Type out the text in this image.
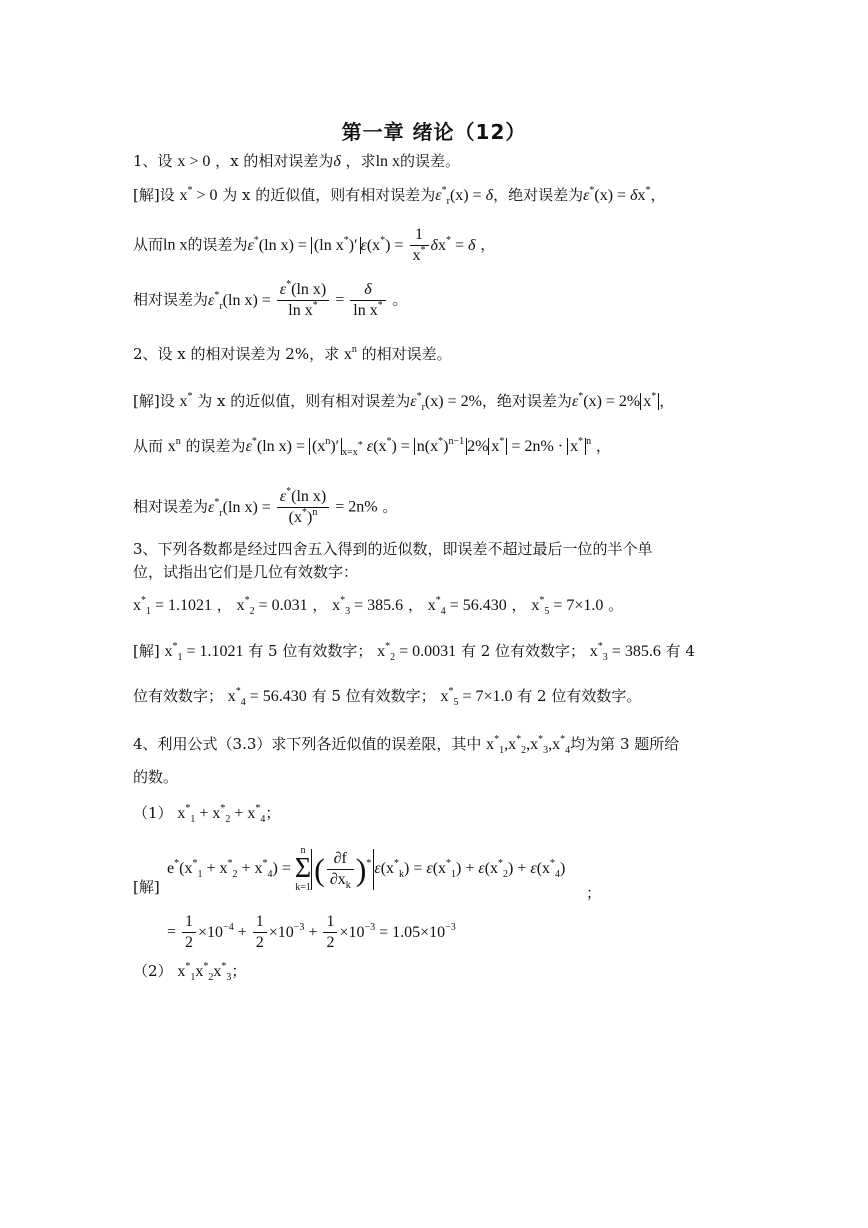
第一章 绪论（12）
1、设 x > 0 ，x 的相对误差为δ ，求ln x的误差。
[解]设 x* > 0 为 x 的近似值，则有相对误差为$\varepsilon^*_r(x) = \delta$，绝对误差为ε*(x) = δx*，
从而ln x的误差为ε*(ln x) = (ln x*)′ $\varepsilon(x^*) = \frac{1}{x^*} \delta x^* = \delta$ ，
相对误差为$\varepsilon^*_r(\ln$ $x) = \frac{\varepsilon^*(\ln x)}{\ln x^*} = \frac{\delta}{\ln x^*}$ 。
2、设 x 的相对误差为 2%，求 $x^n$ 的相对误差。
[解]设 x* 为 x 的近似值，则有相对误差为$\varepsilon^*_r(x) = 2\%$，绝对误差为ε*(x) = 2% x* ，
从而 $x^n$ 的误差为ε*(ln $x) = (x^n)'$ $_{x=x^*}$ $\varepsilon(x^*) = n(x^*)^{n-1}$ 2% x* = 2n% · x* $^n$ ，
相对误差为$\varepsilon^*_r(\ln$ $x) = \frac{\varepsilon^*(\ln x)}{(x^*)^n} = 2n\%$ 。
3、下列各数都是经过四舍五入得到的近似数，即误差不超过最后一位的半个单
位，试指出它们是几位有效数字：
$x^*_1 = 1.1021$ ， $x^*_2 = 0.031$ ， $x^*_3 = 385.6$ ， $x^*_4 = 56.430$ ， $x^*_5 = 7\times 1.0$ 。
[解] $x^*_1 = 1.1021$ 有 5 位有效数字； $x^*_2 = 0.0031$ 有 2 位有效数字； $x^*_3 = 385.6$ 有 4
位有效数字； $x^*_4 = 56.430$ 有 5 位有效数字； $x^*_5 = 7\times 1.0$ 有 2 位有效数字。
4、利用公式（3.3）求下列各近似值的误差限，其中 $x^*_1,x^*_2,x^*_3,x^*_4$均为第 3 题所给
的数。
（1） $x^*_1 + x^*_2 + x^*_4$；
$e^*(x^*_1 + x^*_2 + x^*_4) = n$
Σ
$k=1( \frac{\partial f}{\partial x_k} )^*$ $\varepsilon(x^*_k) = \varepsilon(x^*_1) + \varepsilon(x^*_2) + \varepsilon(x^*_4)$
[解]	；
= $\frac{1}{2} \times 10^{-4} + \frac{1}{2} \times 10^{-3} + \frac{1}{2} \times 10^{-3} = 1.05\times 10^{-3}$
（2） $x^*_1x^*_2x^*_3$；
